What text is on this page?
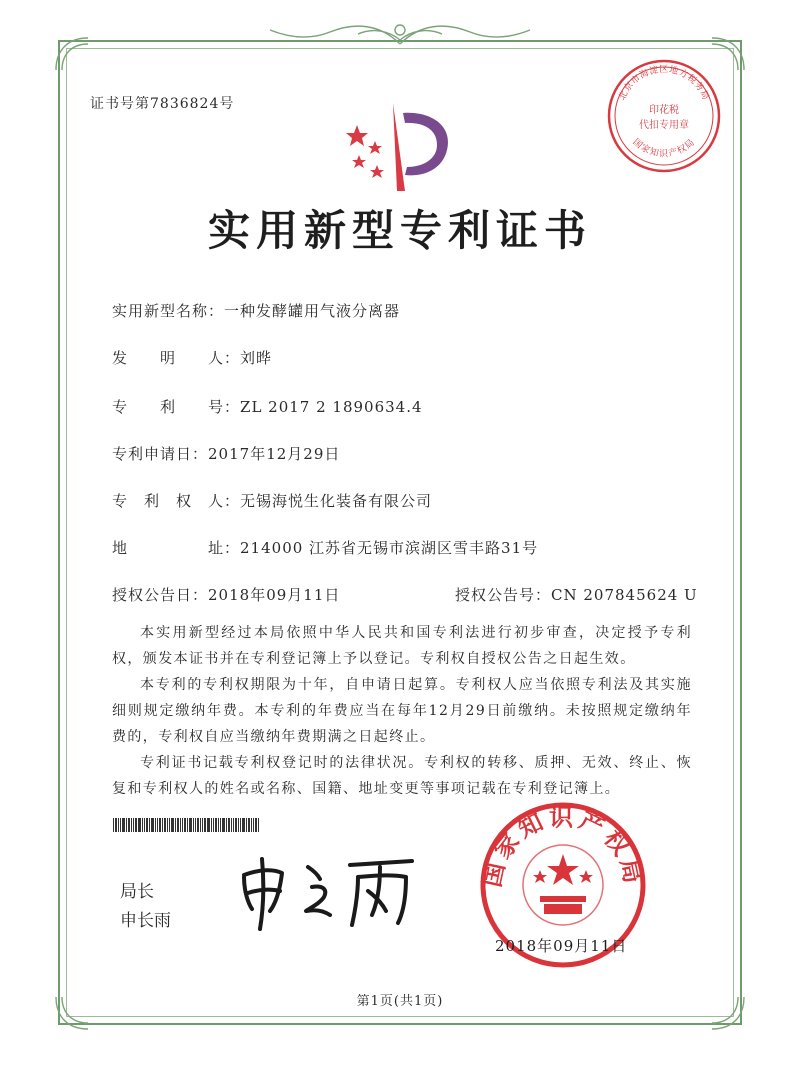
证书号第7836824号
实用新型专利证书
实用新型名称：一种发酵罐用气液分离器
发　　明　　人：刘晔
专　　利　　号：ZL 2017 2 1890634.4
专利申请日：2017年12月29日
专　利　权　人：无锡海悦生化装备有限公司
地　　　　　址：214000 江苏省无锡市滨湖区雪丰路31号
授权公告日：2018年09月11日	授权公告号：CN 207845624 U

本实用新型经过本局依照中华人民共和国专利法进行初步审查，决定授予专利权，颁发本证书并在专利登记簿上予以登记。专利权自授权公告之日起生效。

本专利的专利权期限为十年，自申请日起算。专利权人应当依照专利法及其实施细则规定缴纳年费。本专利的年费应当在每年12月29日前缴纳。未按照规定缴纳年费的，专利权自应当缴纳年费期满之日起终止。

专利证书记载专利权登记时的法律状况。专利权的转移、质押、无效、终止、恢复和专利权人的姓名或名称、国籍、地址变更等事项记载在专利登记簿上。

局长
申长雨
国家知识产权局
2018年09月11日
北京市海淀区地方税务局
国家知识产权局
印花税
代扣专用章
第1页(共1页)
